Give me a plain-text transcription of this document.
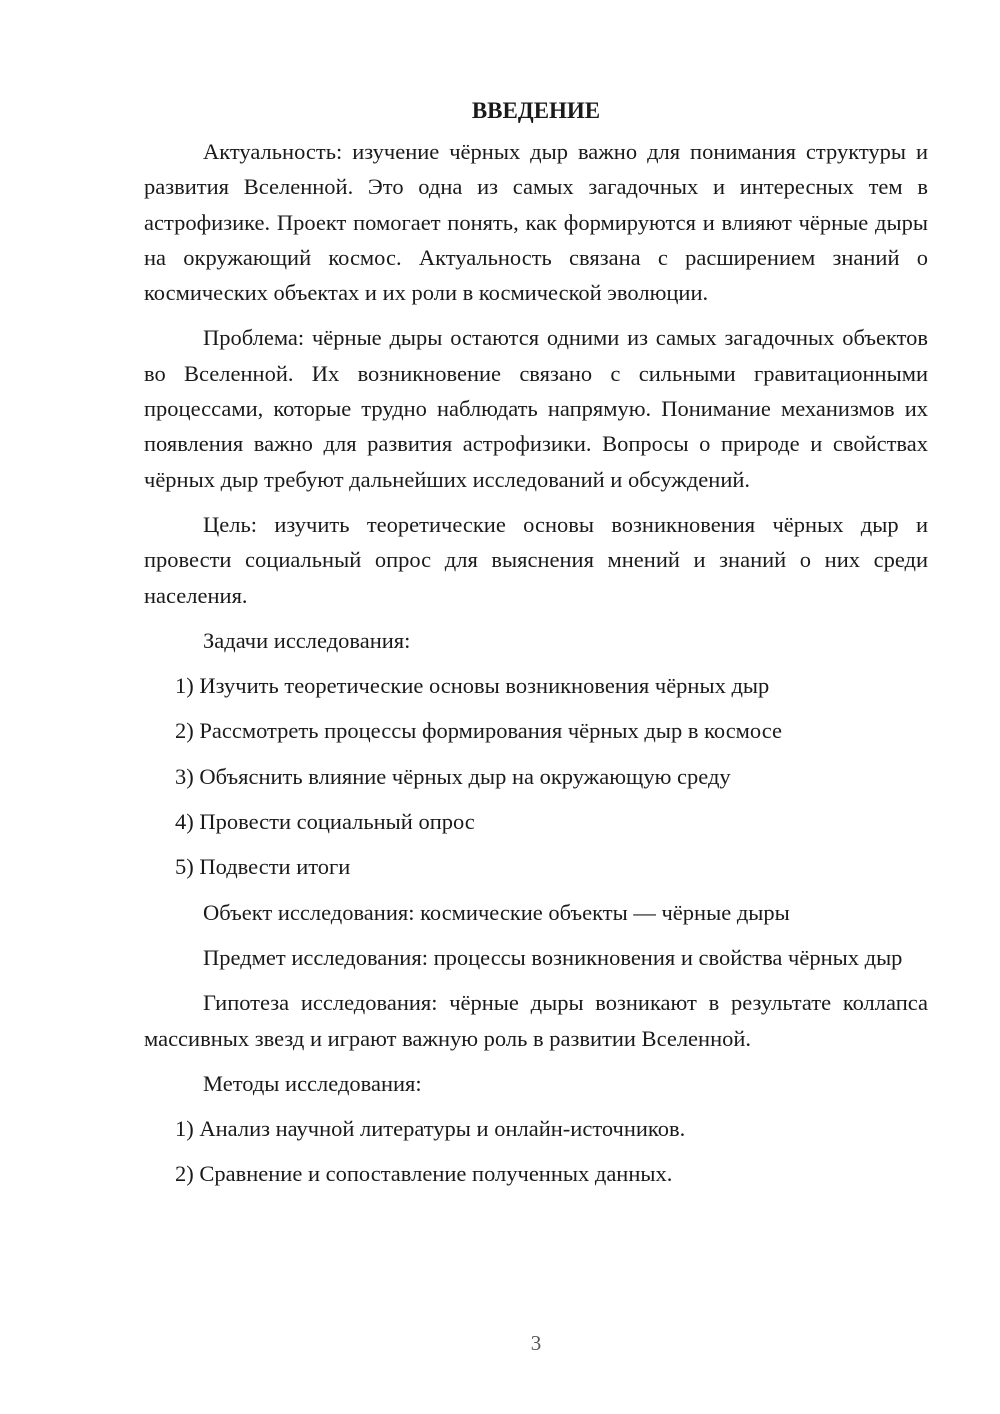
ВВЕДЕНИЕ

Актуальность: изучение чёрных дыр важно для понимания структуры и развития Вселенной. Это одна из самых загадочных и интересных тем в астрофизике. Проект помогает понять, как формируются и влияют чёрные дыры на окружающий космос. Актуальность связана с расширением знаний о космических объектах и их роли в космической эволюции.

Проблема: чёрные дыры остаются одними из самых загадочных объектов во Вселенной. Их возникновение связано с сильными гравитационными процессами, которые трудно наблюдать напрямую. Понимание механизмов их появления важно для развития астрофизики. Вопросы о природе и свойствах чёрных дыр требуют дальнейших исследований и обсуждений.

Цель: изучить теоретические основы возникновения чёрных дыр и провести социальный опрос для выяснения мнений и знаний о них среди населения.

Задачи исследования:
1) Изучить теоретические основы возникновения чёрных дыр
2) Рассмотреть процессы формирования чёрных дыр в космосе
3) Объяснить влияние чёрных дыр на окружающую среду
4) Провести социальный опрос
5) Подвести итоги
Объект исследования: космические объекты — чёрные дыры

Предмет исследования: процессы возникновения и свойства чёрных дыр

Гипотеза исследования: чёрные дыры возникают в результате коллапса массивных звезд и играют важную роль в развитии Вселенной.

Методы исследования:
1) Анализ научной литературы и онлайн-источников.
2) Сравнение и сопоставление полученных данных.
3
